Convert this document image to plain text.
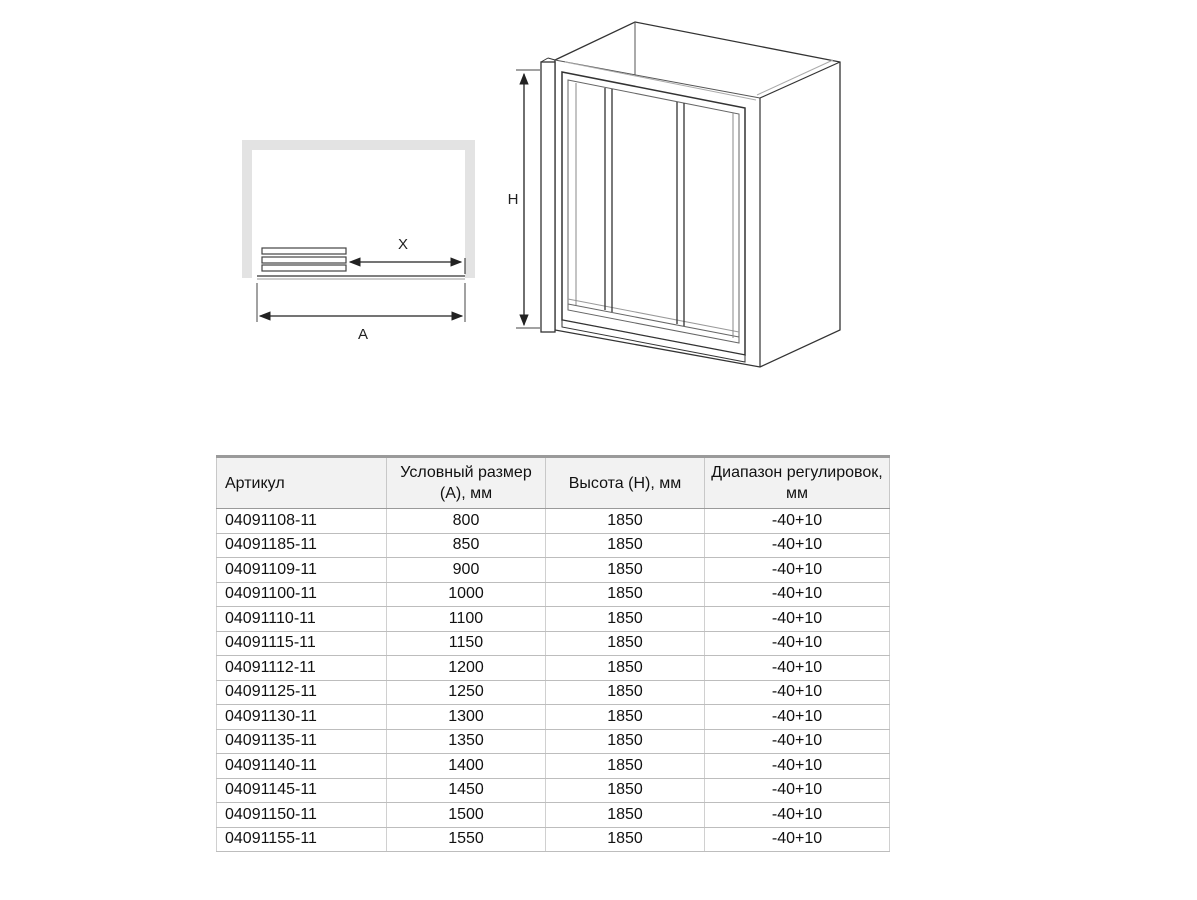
X
A
H
Артикул	Условный размер (А), мм	Высота (Н), мм	Диапазон регулировок, мм
04091108-11	800	1850	-40+10
04091185-11	850	1850	-40+10
04091109-11	900	1850	-40+10
04091100-11	1000	1850	-40+10
04091110-11	1100	1850	-40+10
04091115-11	1150	1850	-40+10
04091112-11	1200	1850	-40+10
04091125-11	1250	1850	-40+10
04091130-11	1300	1850	-40+10
04091135-11	1350	1850	-40+10
04091140-11	1400	1850	-40+10
04091145-11	1450	1850	-40+10
04091150-11	1500	1850	-40+10
04091155-11	1550	1850	-40+10
